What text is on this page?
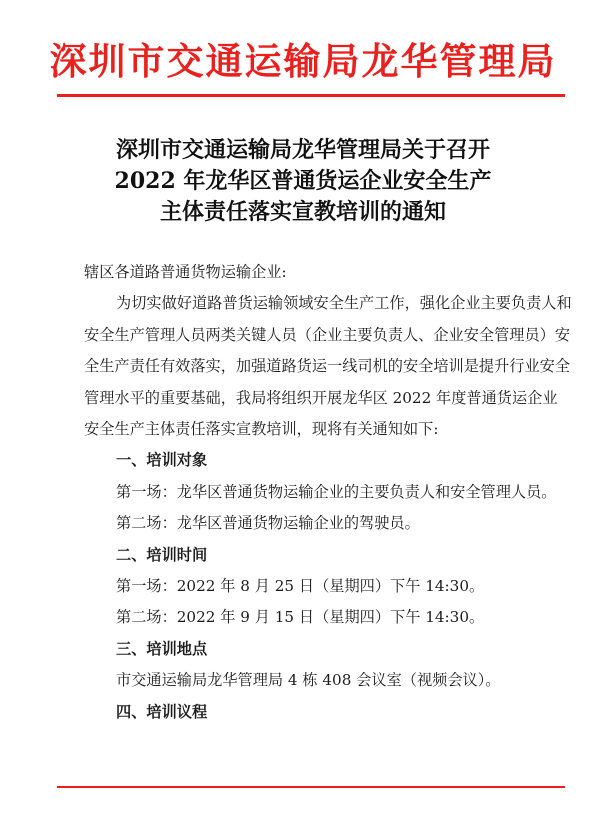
深圳市交通运输局龙华管理局
深圳市交通运输局龙华管理局关于召开
2022 年龙华区普通货运企业安全生产
主体责任落实宣教培训的通知

辖区各道路普通货物运输企业:

为切实做好道路普货运输领域安全生产工作，强化企业主要负责人和安全生产管理人员两类关键人员（企业主要负责人、企业安全管理员）安全生产责任有效落实，加强道路货运一线司机的安全培训是提升行业安全管理水平的重要基础，我局将组织开展龙华区 2022 年度普通货运企业安全生产主体责任落实宣教培训，现将有关通知如下:

一、培训对象

第一场：龙华区普通货物运输企业的主要负责人和安全管理人员。

第二场：龙华区普通货物运输企业的驾驶员。

二、培训时间

第一场：2022 年 8 月 25 日（星期四）下午 14:30。

第二场：2022 年 9 月 15 日（星期四）下午 14:30。

三、培训地点

市交通运输局龙华管理局 4 栋 408 会议室（视频会议）。

四、培训议程
